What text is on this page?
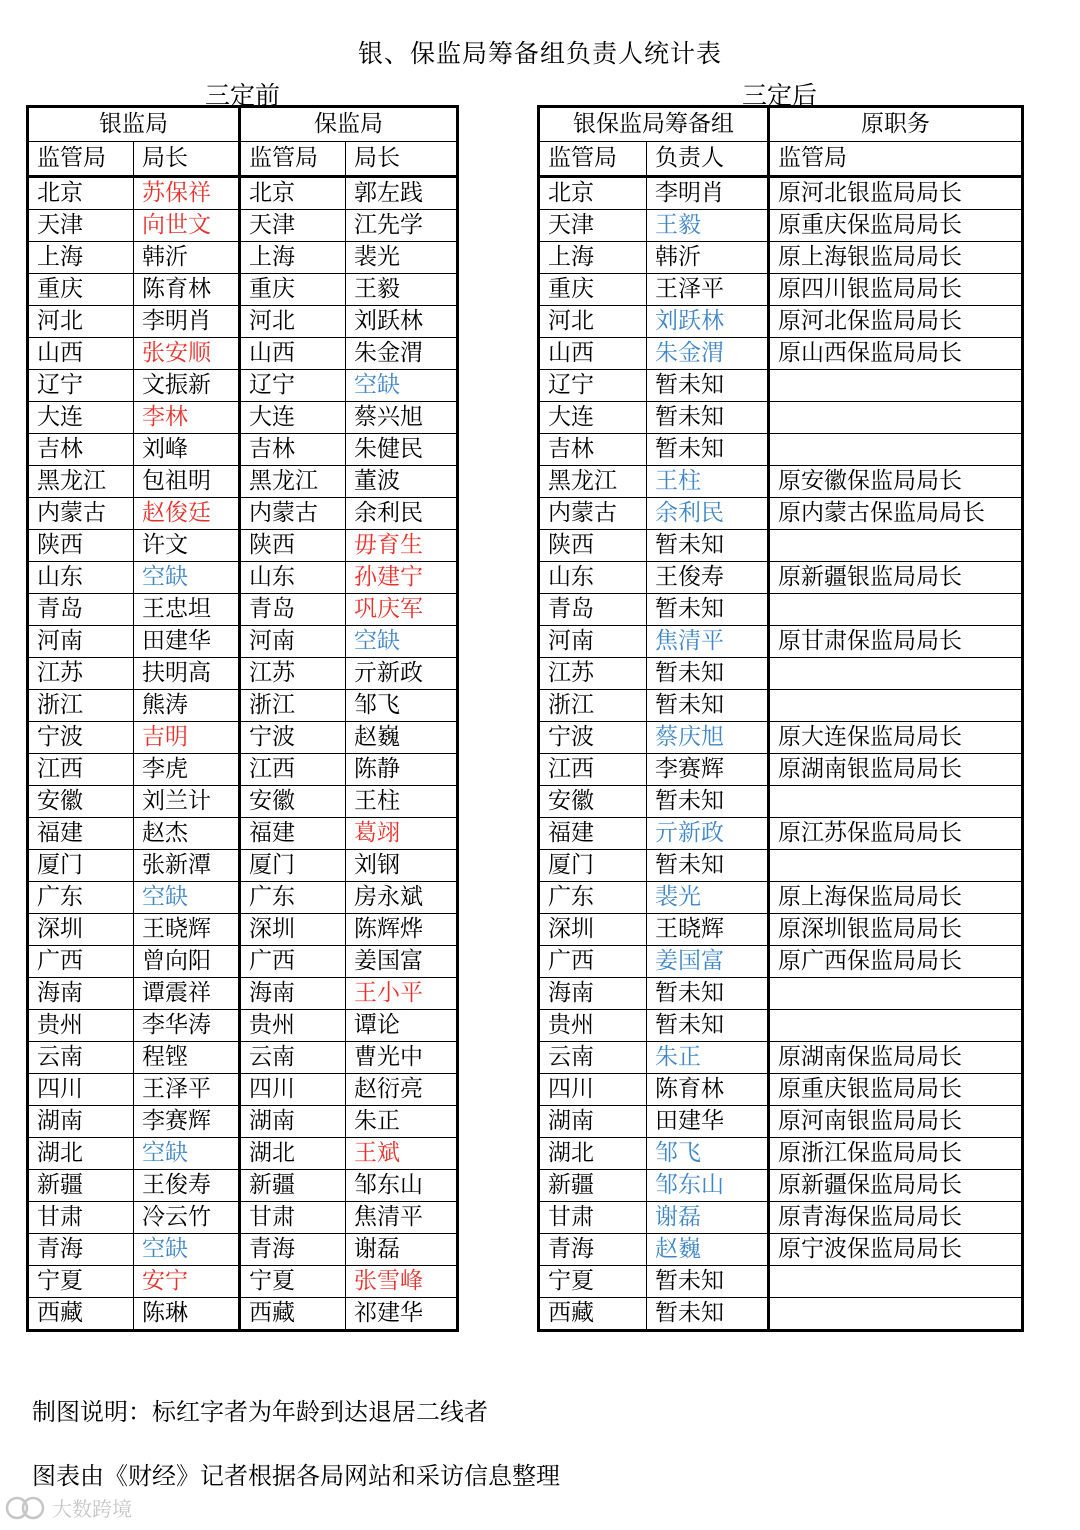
银、保监局筹备组负责人统计表
三定前	三定后
银监局		保监局	
监管局	局长	监管局	局长
北京	苏保祥	北京	郭左践
天津	向世文	天津	江先学
上海	韩沂	上海	裴光
重庆	陈育林	重庆	王毅
河北	李明肖	河北	刘跃林
山西	张安顺	山西	朱金渭
辽宁	文振新	辽宁	空缺
大连	李林	大连	蔡兴旭
吉林	刘峰	吉林	朱健民
黑龙江	包祖明	黑龙江	董波
内蒙古	赵俊廷	内蒙古	余利民
陕西	许文	陕西	毋育生
山东	空缺	山东	孙建宁
青岛	王忠坦	青岛	巩庆军
河南	田建华	河南	空缺
江苏	扶明高	江苏	亓新政
浙江	熊涛	浙江	邹飞
宁波	吉明	宁波	赵巍
江西	李虎	江西	陈静
安徽	刘兰计	安徽	王柱
福建	赵杰	福建	葛翊
厦门	张新潭	厦门	刘钢
广东	空缺	广东	房永斌
深圳	王晓辉	深圳	陈辉烨
广西	曾向阳	广西	姜国富
海南	谭震祥	海南	王小平
贵州	李华涛	贵州	谭论
云南	程铿	云南	曹光中
四川	王泽平	四川	赵衍亮
湖南	李赛辉	湖南	朱正
湖北	空缺	湖北	王斌
新疆	王俊寿	新疆	邹东山
甘肃	冷云竹	甘肃	焦清平
青海	空缺	青海	谢磊
宁夏	安宁	宁夏	张雪峰
西藏	陈琳	西藏	祁建华
银保监局筹备组		原职务
监管局	负责人	监管局
北京	李明肖	原河北银监局局长
天津	王毅	原重庆保监局局长
上海	韩沂	原上海银监局局长
重庆	王泽平	原四川银监局局长
河北	刘跃林	原河北保监局局长
山西	朱金渭	原山西保监局局长
辽宁	暂未知	
大连	暂未知	
吉林	暂未知	
黑龙江	王柱	原安徽保监局局长
内蒙古	余利民	原内蒙古保监局局长
陕西	暂未知	
山东	王俊寿	原新疆银监局局长
青岛	暂未知	
河南	焦清平	原甘肃保监局局长
江苏	暂未知	
浙江	暂未知	
宁波	蔡庆旭	原大连保监局局长
江西	李赛辉	原湖南银监局局长
安徽	暂未知	
福建	亓新政	原江苏保监局局长
厦门	暂未知	
广东	裴光	原上海保监局局长
深圳	王晓辉	原深圳银监局局长
广西	姜国富	原广西保监局局长
海南	暂未知	
贵州	暂未知	
云南	朱正	原湖南保监局局长
四川	陈育林	原重庆银监局局长
湖南	田建华	原河南银监局局长
湖北	邹飞	原浙江保监局局长
新疆	邹东山	原新疆保监局局长
甘肃	谢磊	原青海保监局局长
青海	赵巍	原宁波保监局局长
宁夏	暂未知	
西藏	暂未知	
制图说明：标红字者为年龄到达退居二线者
图表由《财经》记者根据各局网站和采访信息整理
大数跨境
